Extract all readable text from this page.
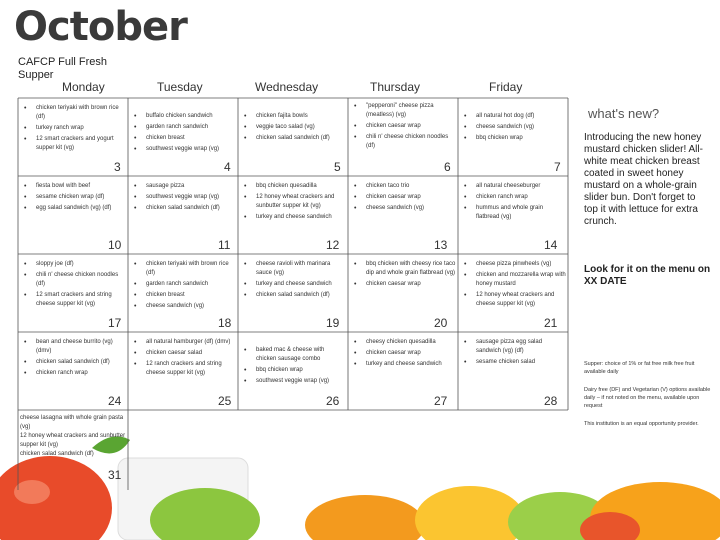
October
CAFCP Full Fresh Supper
Monday	Tuesday	Wednesday	Thursday	Friday
• chicken teriyaki with brown rice (df)
• turkey ranch wrap
• 12 smart crackers and yogurt supper kit (vg)
3
• buffalo chicken sandwich
• garden ranch sandwich
• chicken breast
• southwest veggie wrap (vg)
4
• chicken fajita bowls
• veggie taco salad (vg)
• chicken salad sandwich (df)
5
• "pepperoni" cheese pizza (meatless) (vg)
• chicken caesar wrap
• chili n' cheese chicken noodles (df)
6
• all natural hot dog (df)
• cheese sandwich (vg)
• bbq chicken wrap
7
• fiesta bowl with beef
• sesame chicken wrap (df)
• egg salad sandwich (vg) (df)
10
• sausage pizza
• southwest veggie wrap (vg)
• chicken salad sandwich (df)
11
• bbq chicken quesadilla
• 12 honey wheat crackers and sunbutter supper kit (vg)
• turkey and cheese sandwich
12
• chicken taco trio
• chicken caesar wrap
• cheese sandwich (vg)
13
• all natural cheeseburger
• chicken ranch wrap
• hummus and whole grain flatbread (vg)
14
• sloppy joe (df)
• chili n' cheese chicken noodles (df)
• 12 smart crackers and string cheese supper kit (vg)
17
• chicken teriyaki with brown rice (df)
• garden ranch sandwich
• chicken breast
• cheese sandwich (vg)
18
• cheese ravioli with marinara sauce (vg)
• turkey and cheese sandwich
• chicken salad sandwich (df)
19
• bbq chicken with cheesy rice taco dip and whole grain flatbread (vg)
• chicken caesar wrap
20
• cheese pizza pinwheels (vg)
• chicken and mozzarella wrap with honey mustard
• 12 honey wheat crackers and cheese supper kit (vg)
21
• bean and cheese burrito (vg) (dmv)
• chicken salad sandwich (df)
• chicken ranch wrap
24
• all natural hamburger (df) (dmv)
• chicken caesar salad
• 12 ranch crackers and string cheese supper kit (vg)
25
• baked mac & cheese with chicken sausage combo
• bbq chicken wrap
• southwest veggie wrap (vg)
26
• cheesy chicken quesadilla
• chicken caesar wrap
• turkey and cheese sandwich
27
• sausage pizza egg salad sandwich (vg) (df)
• sesame chicken salad
28
cheese lasagna with whole grain pasta (vg)
12 honey wheat crackers and sunbutter supper kit (vg)
chicken salad sandwich (df)
31
what's new?
Introducing the new honey mustard chicken slider! All-white meat chicken breast coated in sweet honey mustard on a whole-grain slider bun. Don't forget to top it with lettuce for extra crunch.
Look for it on the menu on XX DATE
Supper: choice of 1% or fat free milk free fruit available daily
Dairy free (DF) and Vegetarian (V) options available daily – if not noted on the menu, available upon request
This institution is an equal opportunity provider.
